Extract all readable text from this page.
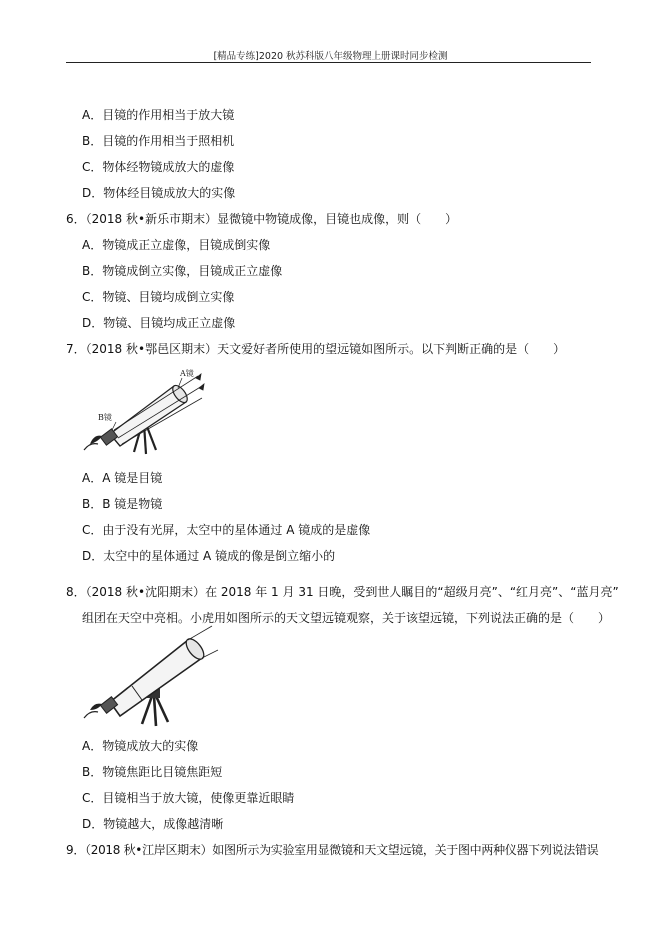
[精品专练]2020 秋苏科版八年级物理上册课时同步检测
A．目镜的作用相当于放大镜
B．目镜的作用相当于照相机
C．物体经物镜成放大的虚像
D．物体经目镜成放大的实像
6．（2018 秋•新乐市期末）显微镜中物镜成像，目镜也成像，则（　　）
A．物镜成正立虚像，目镜成倒实像
B．物镜成倒立实像，目镜成正立虚像
C．物镜、目镜均成倒立实像
D．物镜、目镜均成正立虚像
7．（2018 秋•鄂邑区期末）天文爱好者所使用的望远镜如图所示。以下判断正确的是（　　）
A镜
B镜
A．A 镜是目镜
B．B 镜是物镜
C．由于没有光屏，太空中的星体通过 A 镜成的是虚像
D．太空中的星体通过 A 镜成的像是倒立缩小的
8．（2018 秋•沈阳期末）在 2018 年 1 月 31 日晚，受到世人瞩目的“超级月亮”、“红月亮”、“蓝月亮”
组团在天空中亮相。小虎用如图所示的天文望远镜观察，关于该望远镜，下列说法正确的是（　　）
A．物镜成放大的实像
B．物镜焦距比目镜焦距短
C．目镜相当于放大镜，使像更靠近眼睛
D．物镜越大，成像越清晰
9．（2018 秋•江岸区期末）如图所示为实验室用显微镜和天文望远镜，关于图中两种仪器下列说法错误
